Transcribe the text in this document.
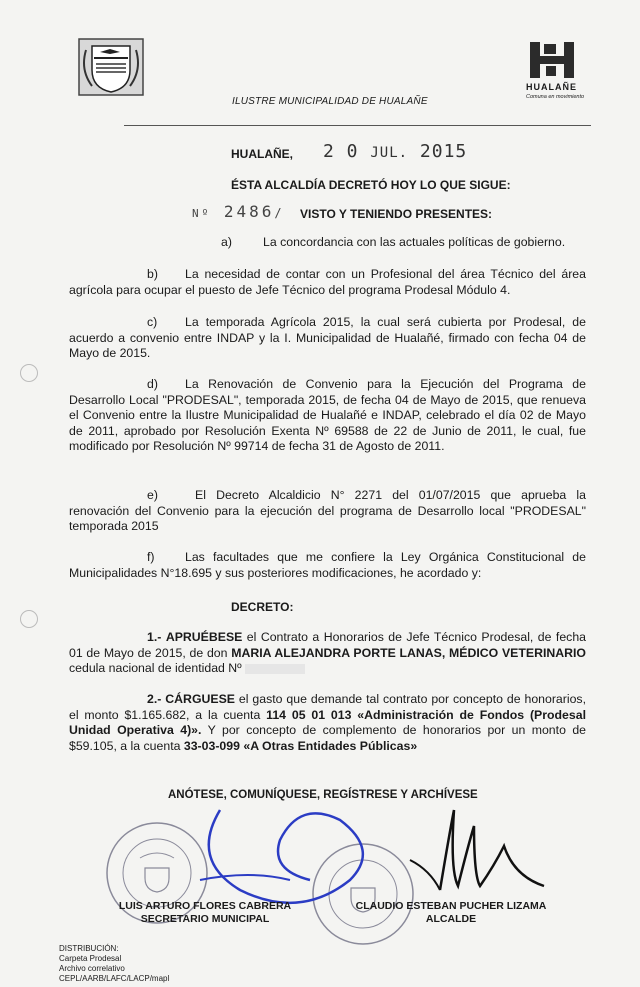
HUALAÑE
Comuna en movimiento
ILUSTRE MUNICIPALIDAD DE HUALAÑE
HUALAÑE, 2 0 JUL. 2015
ÉSTA ALCALDÍA DECRETÓ HOY LO QUE SIGUE:
Nº 2486/ VISTO Y TENIENDO PRESENTES:
a)	La concordancia con las actuales políticas de gobierno.
b) La necesidad de contar con un Profesional del área Técnico del área agrícola para ocupar el puesto de Jefe Técnico del programa Prodesal Módulo 4.
c) La temporada Agrícola 2015, la cual será cubierta por Prodesal, de acuerdo a convenio entre INDAP y la I. Municipalidad de Hualañé, firmado con fecha 04 de Mayo de 2015.
d) La Renovación de Convenio para la Ejecución del Programa de Desarrollo Local "PRODESAL", temporada 2015, de fecha 04 de Mayo de 2015, que renueva el Convenio entre la Ilustre Municipalidad de Hualañé e INDAP, celebrado el día 02 de Mayo de 2011, aprobado por Resolución Exenta Nº 69588 de 22 de Junio de 2011, le cual, fue modificado por Resolución Nº 99714 de fecha 31 de Agosto de 2011.
e)	El Decreto Alcaldicio N° 2271 del 01/07/2015 que aprueba la renovación del Convenio para la ejecución del programa de Desarrollo local "PRODESAL" temporada 2015
f) Las facultades que me confiere la Ley Orgánica Constitucional de Municipalidades N°18.695 y sus posteriores modificaciones, he acordado y:
DECRETO:
1.- APRUÉBESE el Contrato a Honorarios de Jefe Técnico Prodesal, de fecha 01 de Mayo de 2015, de don MARIA ALEJANDRA PORTE LANAS, MÉDICO VETERINARIO cedula nacional de identidad Nº
2.- CÁRGUESE el gasto que demande tal contrato por concepto de honorarios, el monto $1.165.682, a la cuenta 114 05 01 013 «Administración de Fondos (Prodesal Unidad Operativa 4)». Y por concepto de complemento de honorarios por un monto de $59.105, a la cuenta 33-03-099 «A Otras Entidades Públicas»
ANÓTESE, COMUNÍQUESE, REGÍSTRESE Y ARCHÍVESE
LUIS ARTURO FLORES CABRERA
SECRETARIO MUNICIPAL
CLAUDIO ESTEBAN PUCHER LIZAMA
ALCALDE
DISTRIBUCIÓN:
Carpeta Prodesal
Archivo correlativo
CEPL/AARB/LAFC/LACP/mapl
